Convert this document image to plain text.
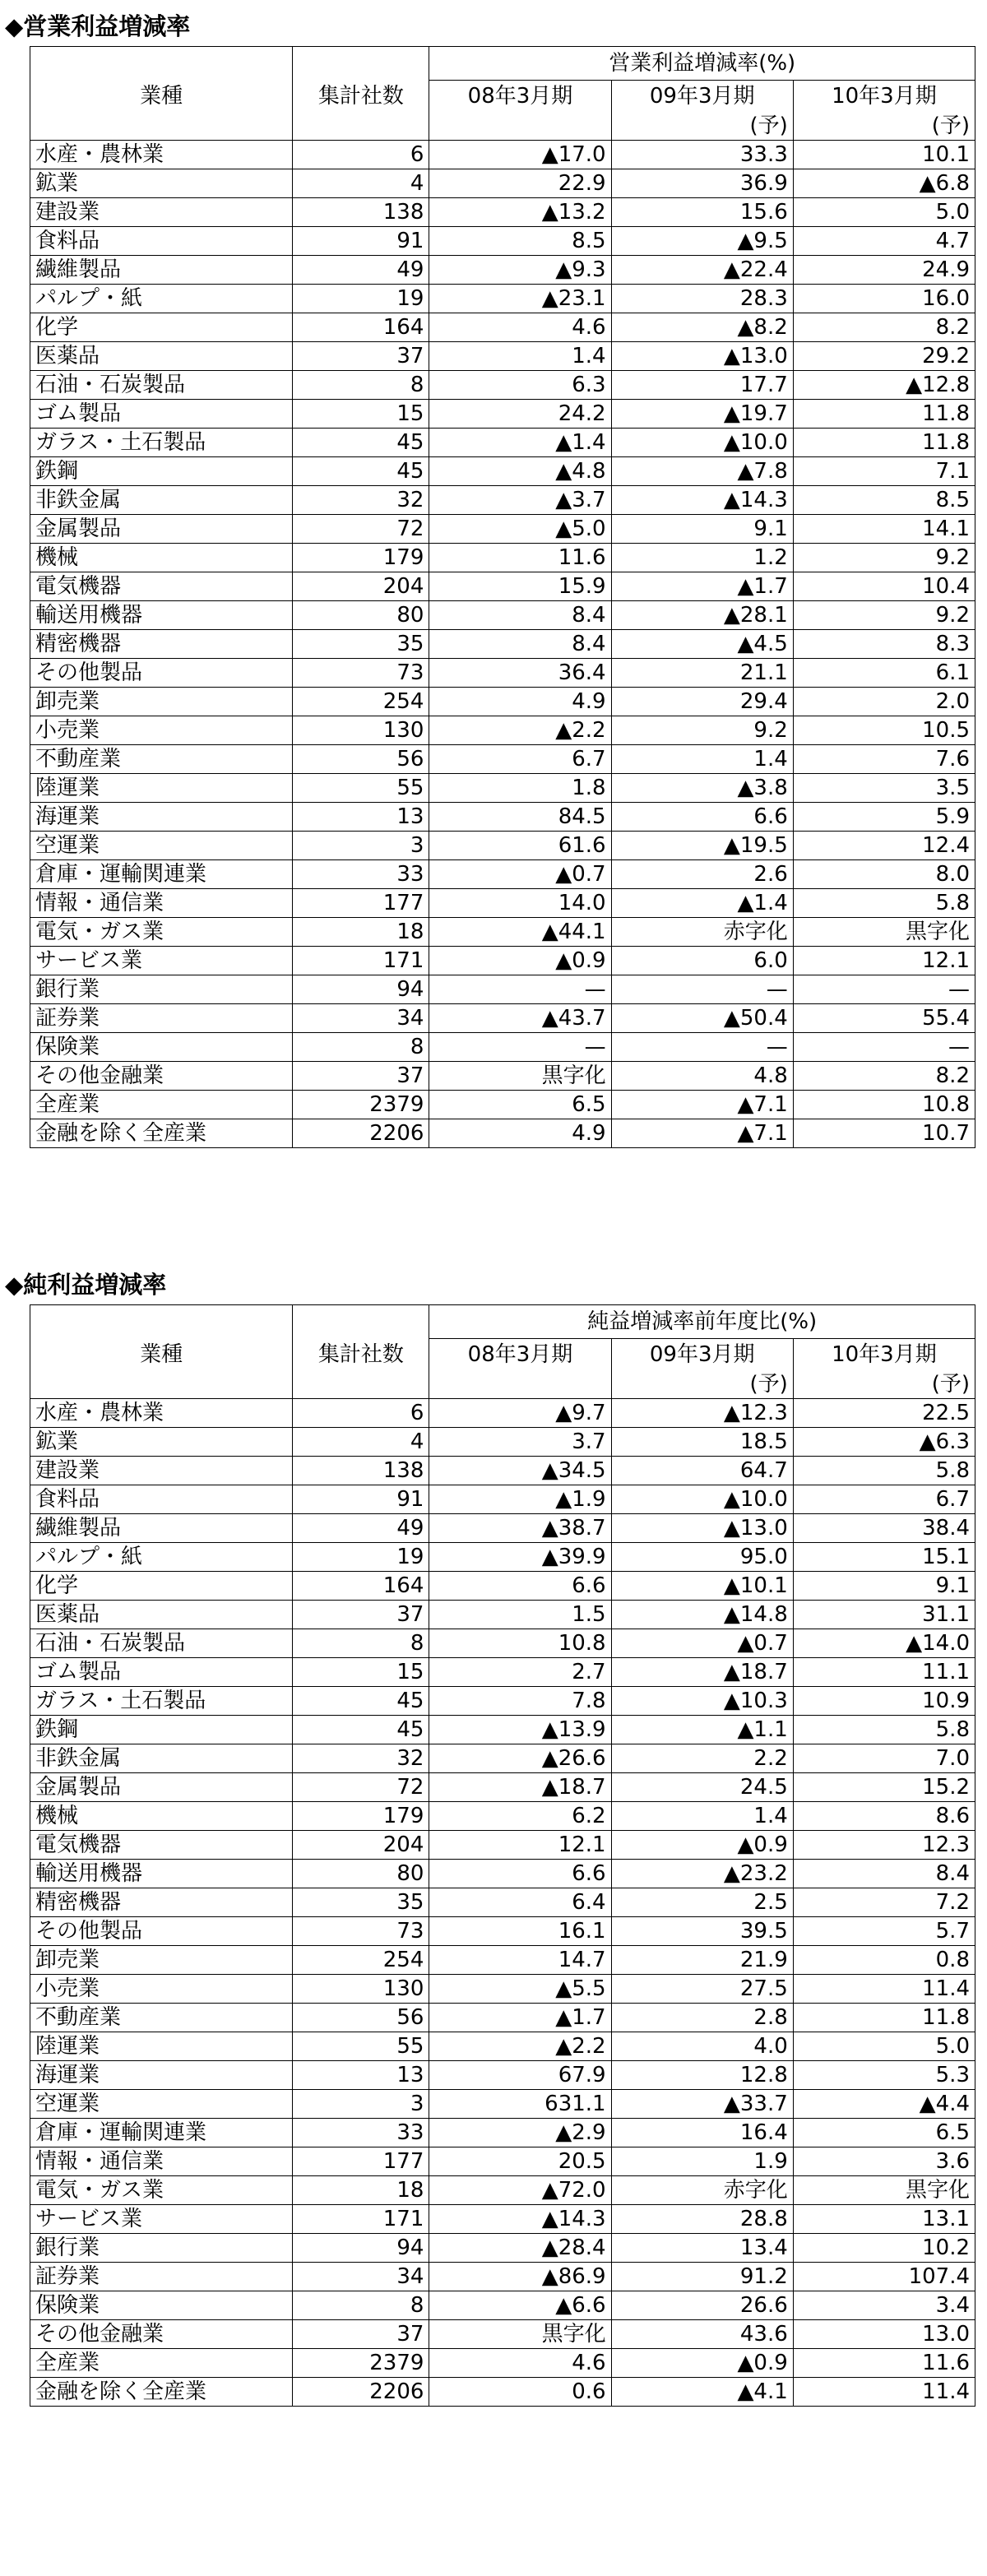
◆営業利益増減率
		営業利益増減率(%)		
業種	集計社数	08年3月期	09年3月期	10年3月期
			(予)	(予)
水産・農林業	6	▲17.0	33.3	10.1
鉱業	4	22.9	36.9	▲6.8
建設業	138	▲13.2	15.6	5.0
食料品	91	8.5	▲9.5	4.7
繊維製品	49	▲9.3	▲22.4	24.9
パルプ・紙	19	▲23.1	28.3	16.0
化学	164	4.6	▲8.2	8.2
医薬品	37	1.4	▲13.0	29.2
石油・石炭製品	8	6.3	17.7	▲12.8
ゴム製品	15	24.2	▲19.7	11.8
ガラス・土石製品	45	▲1.4	▲10.0	11.8
鉄鋼	45	▲4.8	▲7.8	7.1
非鉄金属	32	▲3.7	▲14.3	8.5
金属製品	72	▲5.0	9.1	14.1
機械	179	11.6	1.2	9.2
電気機器	204	15.9	▲1.7	10.4
輸送用機器	80	8.4	▲28.1	9.2
精密機器	35	8.4	▲4.5	8.3
その他製品	73	36.4	21.1	6.1
卸売業	254	4.9	29.4	2.0
小売業	130	▲2.2	9.2	10.5
不動産業	56	6.7	1.4	7.6
陸運業	55	1.8	▲3.8	3.5
海運業	13	84.5	6.6	5.9
空運業	3	61.6	▲19.5	12.4
倉庫・運輸関連業	33	▲0.7	2.6	8.0
情報・通信業	177	14.0	▲1.4	5.8
電気・ガス業	18	▲44.1	赤字化	黒字化
サービス業	171	▲0.9	6.0	12.1
銀行業	94	—	—	—
証券業	34	▲43.7	▲50.4	55.4
保険業	8	—	—	—
その他金融業	37	黒字化	4.8	8.2
全産業	2379	6.5	▲7.1	10.8
金融を除く全産業	2206	4.9	▲7.1	10.7
◆純利益増減率
		純益増減率前年度比(%)		
業種	集計社数	08年3月期	09年3月期	10年3月期
			(予)	(予)
水産・農林業	6	▲9.7	▲12.3	22.5
鉱業	4	3.7	18.5	▲6.3
建設業	138	▲34.5	64.7	5.8
食料品	91	▲1.9	▲10.0	6.7
繊維製品	49	▲38.7	▲13.0	38.4
パルプ・紙	19	▲39.9	95.0	15.1
化学	164	6.6	▲10.1	9.1
医薬品	37	1.5	▲14.8	31.1
石油・石炭製品	8	10.8	▲0.7	▲14.0
ゴム製品	15	2.7	▲18.7	11.1
ガラス・土石製品	45	7.8	▲10.3	10.9
鉄鋼	45	▲13.9	▲1.1	5.8
非鉄金属	32	▲26.6	2.2	7.0
金属製品	72	▲18.7	24.5	15.2
機械	179	6.2	1.4	8.6
電気機器	204	12.1	▲0.9	12.3
輸送用機器	80	6.6	▲23.2	8.4
精密機器	35	6.4	2.5	7.2
その他製品	73	16.1	39.5	5.7
卸売業	254	14.7	21.9	0.8
小売業	130	▲5.5	27.5	11.4
不動産業	56	▲1.7	2.8	11.8
陸運業	55	▲2.2	4.0	5.0
海運業	13	67.9	12.8	5.3
空運業	3	631.1	▲33.7	▲4.4
倉庫・運輸関連業	33	▲2.9	16.4	6.5
情報・通信業	177	20.5	1.9	3.6
電気・ガス業	18	▲72.0	赤字化	黒字化
サービス業	171	▲14.3	28.8	13.1
銀行業	94	▲28.4	13.4	10.2
証券業	34	▲86.9	91.2	107.4
保険業	8	▲6.6	26.6	3.4
その他金融業	37	黒字化	43.6	13.0
全産業	2379	4.6	▲0.9	11.6
金融を除く全産業	2206	0.6	▲4.1	11.4
